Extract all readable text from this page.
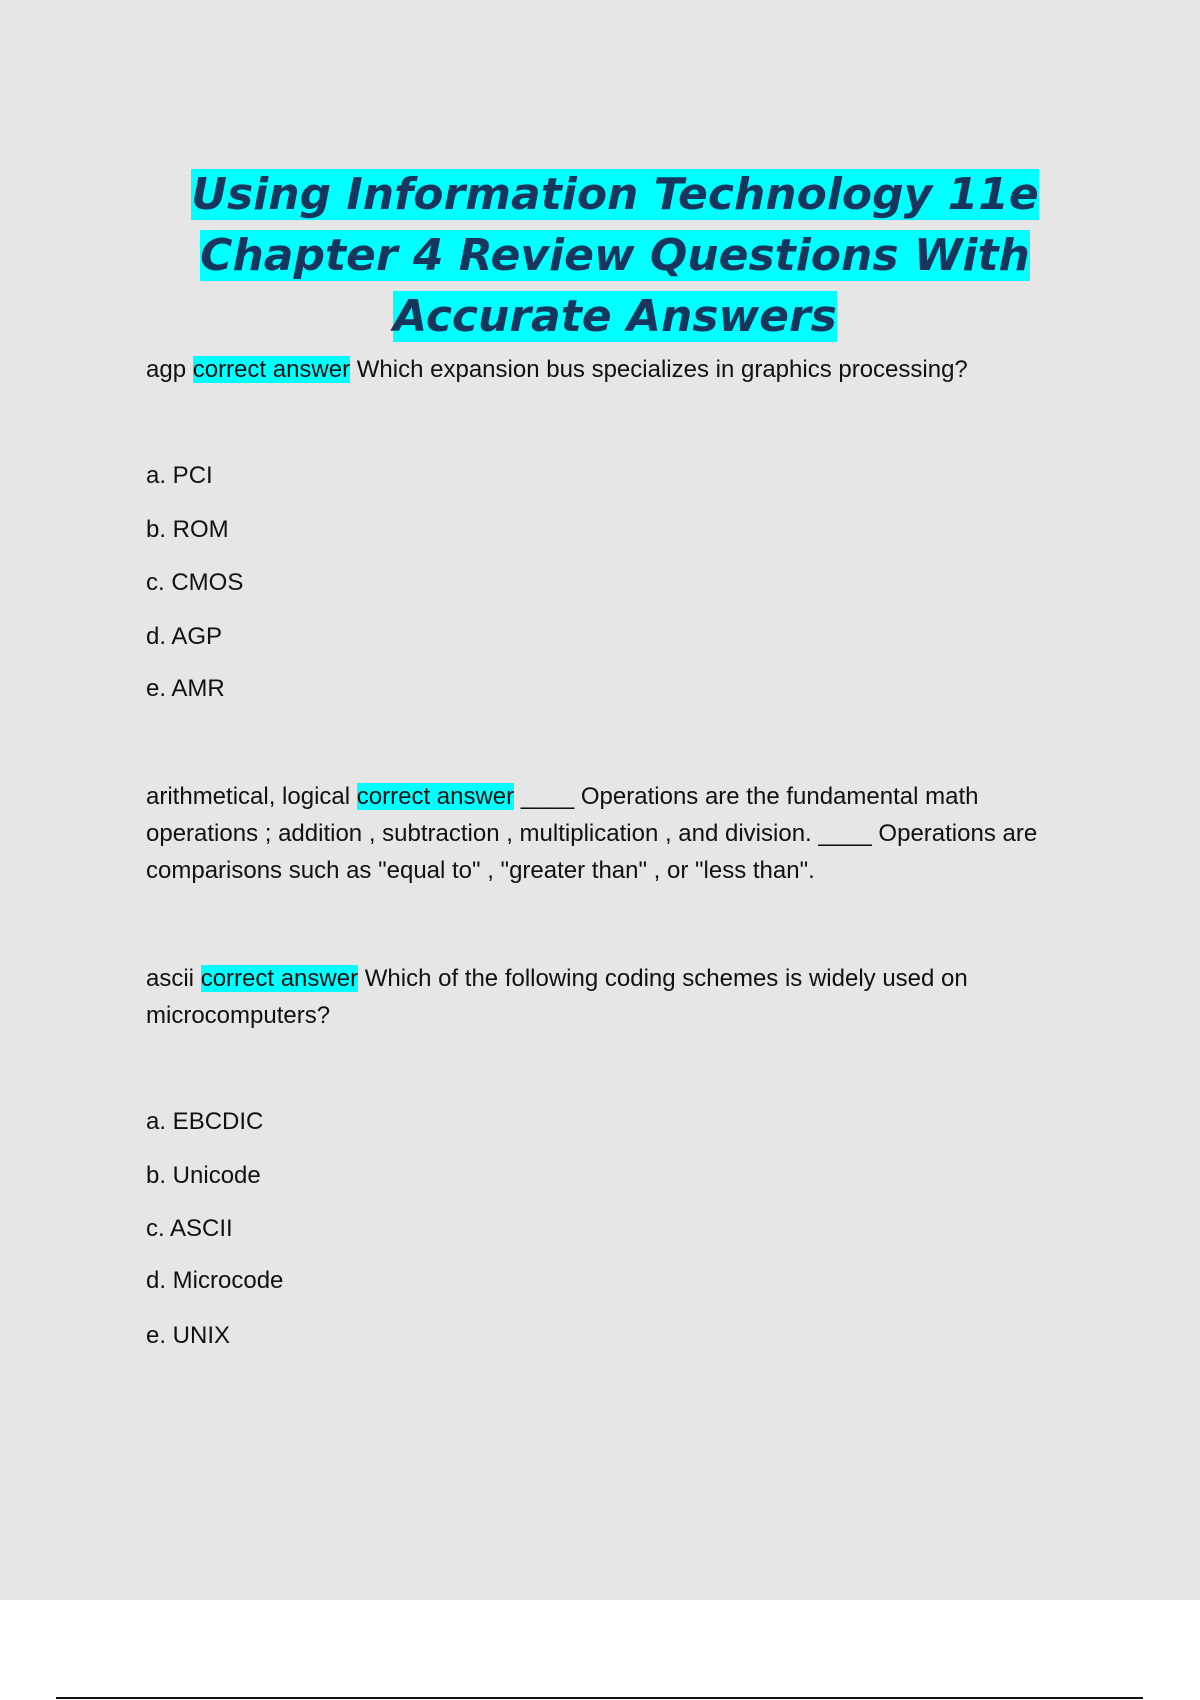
Using Information Technology 11e
Chapter 4 Review Questions With
Accurate Answers
agp correct answer Which expansion bus specializes in graphics processing?
a. PCI
b. ROM
c. CMOS
d. AGP
e. AMR
arithmetical, logical correct answer ____ Operations are the fundamental math operations ; addition , subtraction , multiplication , and division. ____ Operations are comparisons such as "equal to" , "greater than" , or "less than".
ascii correct answer Which of the following coding schemes is widely used on microcomputers?
a. EBCDIC
b. Unicode
c. ASCII
d. Microcode
e. UNIX
